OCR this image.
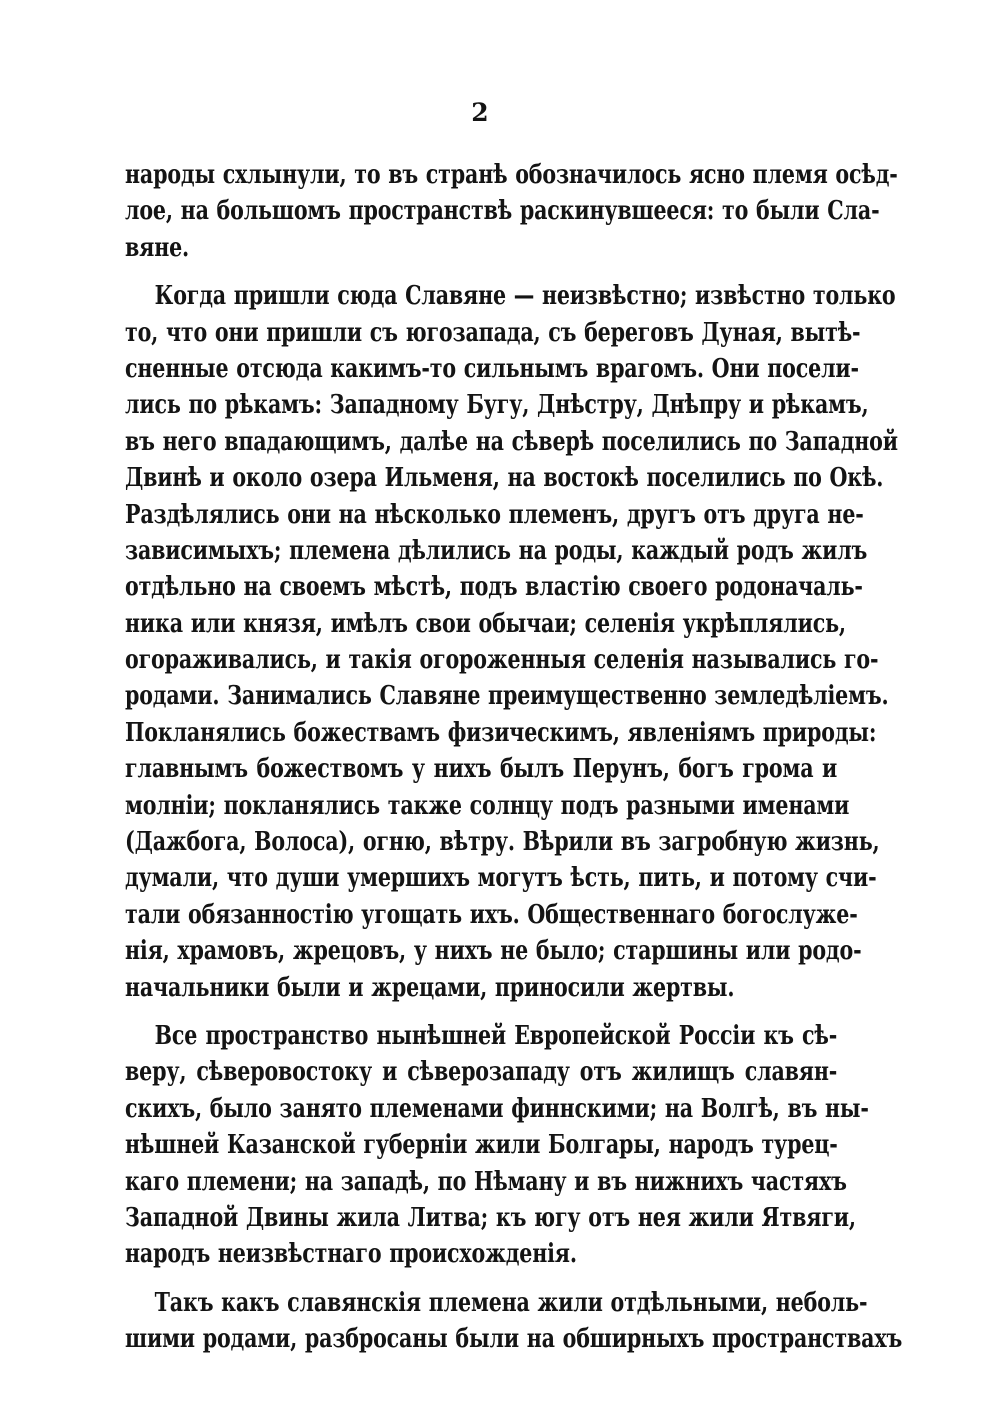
2
народы схлынули, то въ странѣ обозначилось ясно племя осѣд-
лое, на большомъ пространствѣ раскинувшееся: то были Сла-
вяне.
Когда пришли сюда Славяне — неизвѣстно; извѣстно только
то, что они пришли съ югозапада, съ береговъ Дуная, вытѣ-
сненные отсюда какимъ-то сильнымъ врагомъ. Они посели-
лись по рѣкамъ: Западному Бугу, Днѣстру, Днѣпру и рѣкамъ,
въ него впадающимъ, далѣе на сѣверѣ поселились по Западной
Двинѣ и около озера Ильменя, на востокѣ поселились по Окѣ.
Раздѣлялись они на нѣсколько племенъ, другъ отъ друга не-
зависимыхъ; племена дѣлились на роды, каждый родъ жилъ
отдѣльно на своемъ мѣстѣ, подъ властію своего родоначаль-
ника или князя, имѣлъ свои обычаи; селенія укрѣплялись,
огораживались, и такія огороженныя селенія назывались го-
родами. Занимались Славяне преимущественно земледѣліемъ.
Покланялись божествамъ физическимъ, явленіямъ природы:
главнымъ божествомъ у нихъ былъ Перунъ, богъ грома и
молніи; покланялись также солнцу подъ разными именами
(Дажбога, Волоса), огню, вѣтру. Вѣрили въ загробную жизнь,
думали, что души умершихъ могутъ ѣсть, пить, и потому счи-
тали обязанностію угощать ихъ. Общественнаго богослуже-
нія, храмовъ, жрецовъ, у нихъ не было; старшины или родо-
начальники были и жрецами, приносили жертвы.
Все пространство нынѣшней Европейской Россіи къ сѣ-
веру, сѣверовостоку и сѣверозападу отъ жилищъ славян-
скихъ, было занято племенами финнскими; на Волгѣ, въ ны-
нѣшней Казанской губерніи жили Болгары, народъ турец-
каго племени; на западѣ, по Нѣману и въ нижнихъ частяхъ
Западной Двины жила Литва; къ югу отъ нея жили Ятвяги,
народъ неизвѣстнаго происхожденія.
Такъ какъ славянскія племена жили отдѣльными, неболь-
шими родами, разбросаны были на обширныхъ пространствахъ
